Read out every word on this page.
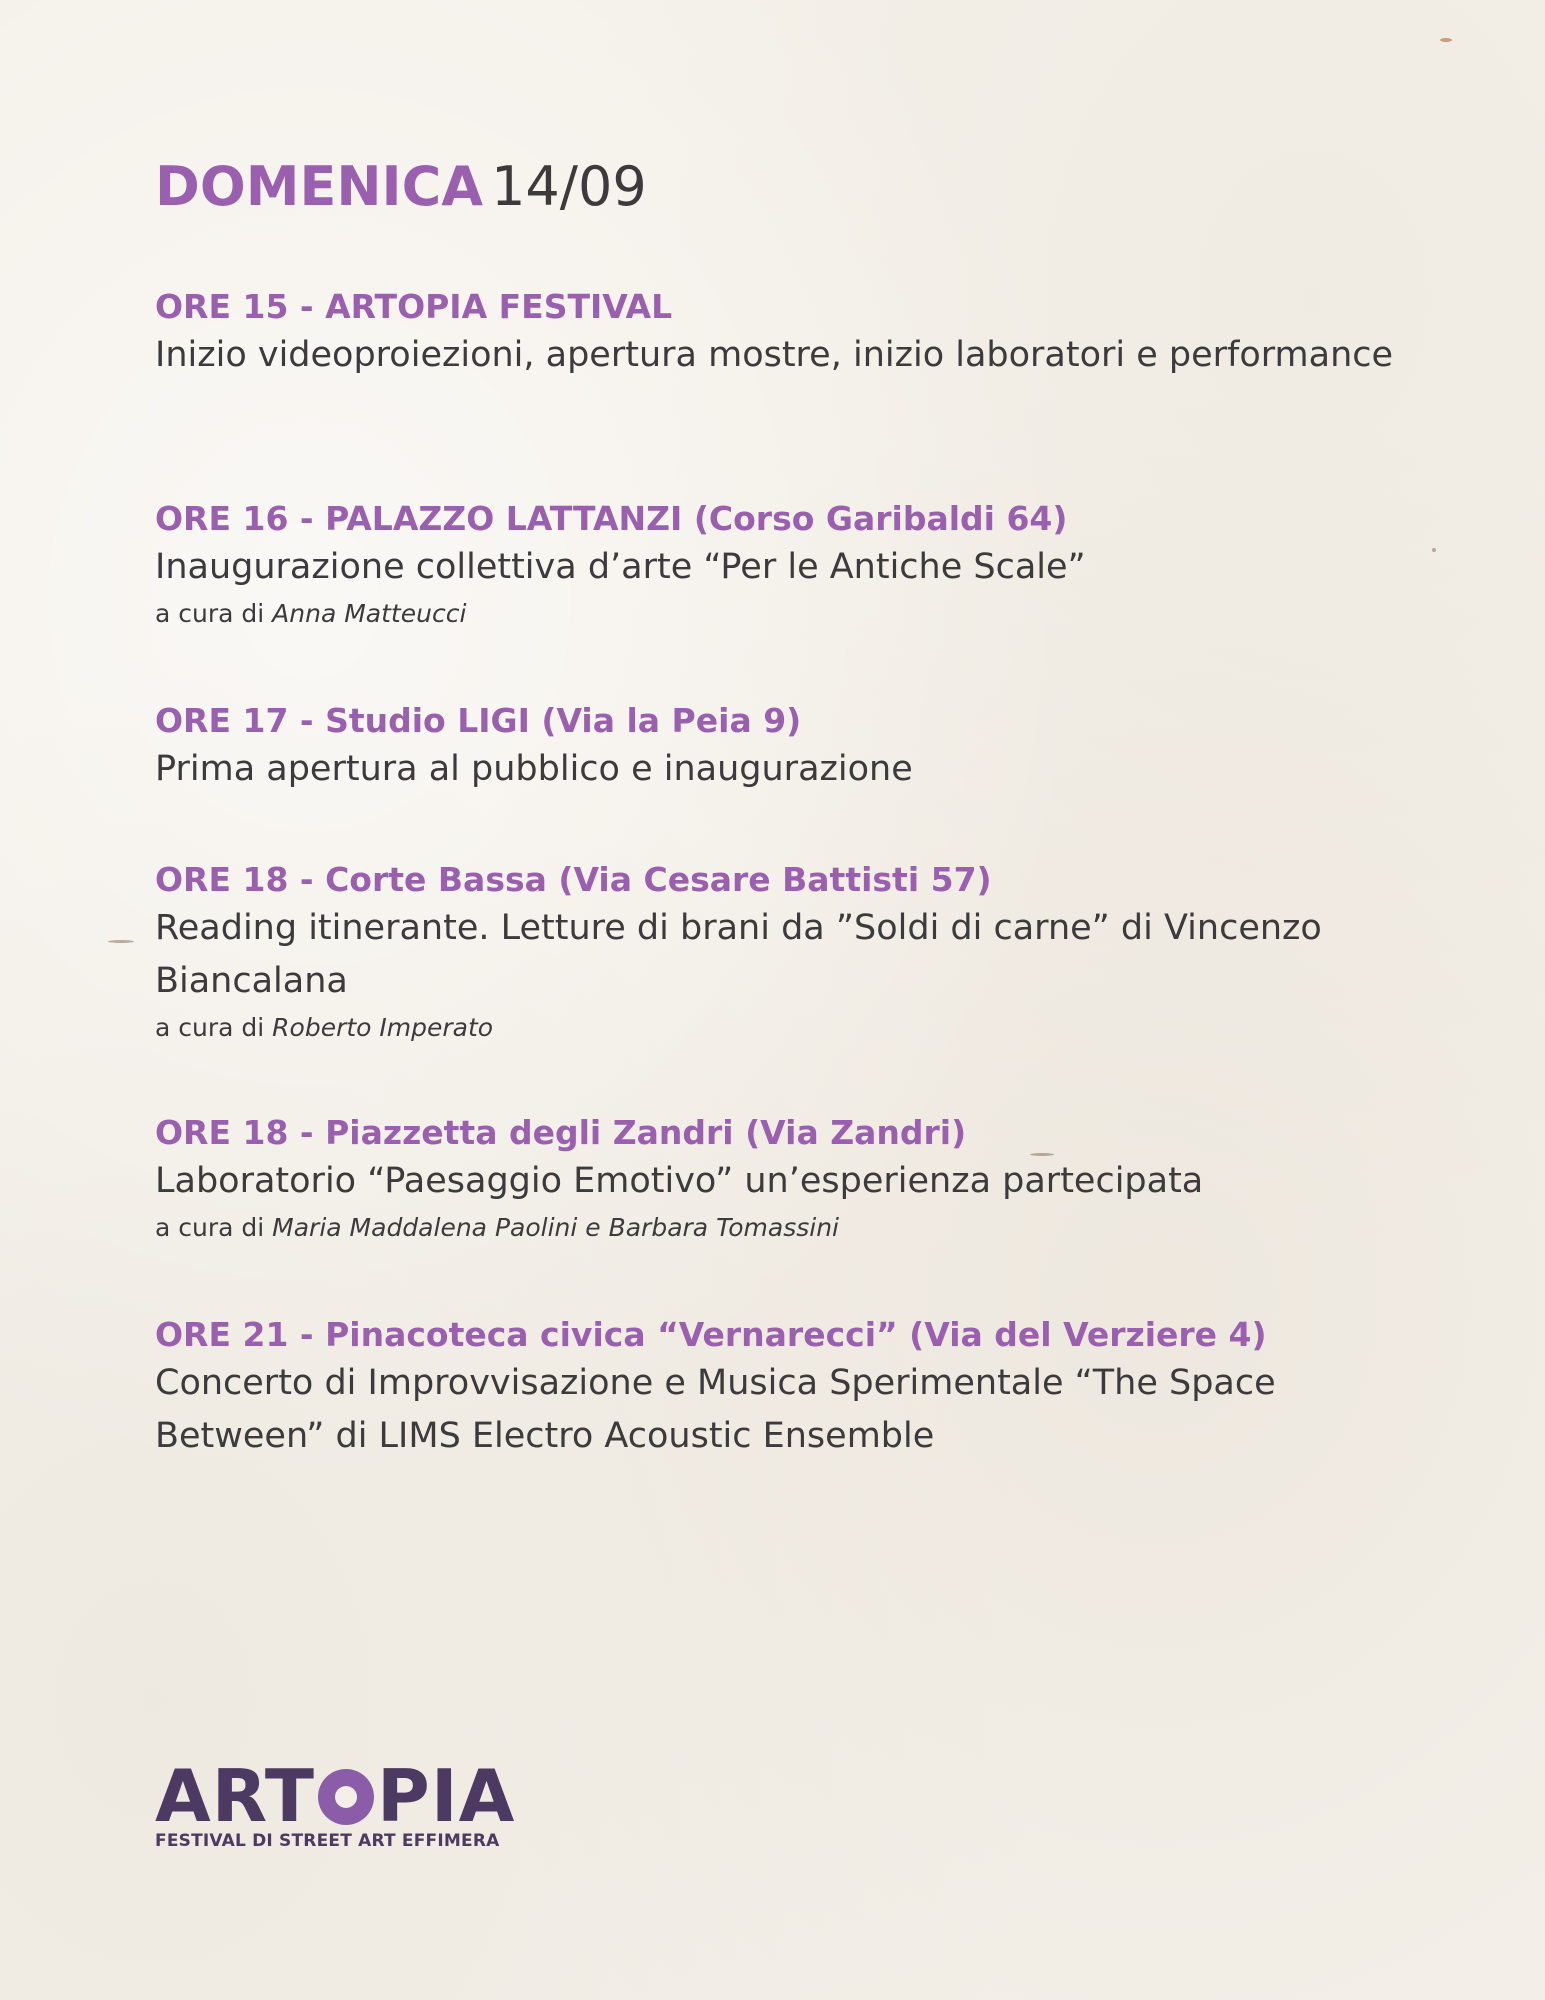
DOMENICA 14/09
ORE 15 - ARTOPIA FESTIVAL
Inizio videoproiezioni, apertura mostre, inizio laboratori e performance
ORE 16 - PALAZZO LATTANZI (Corso Garibaldi 64)
Inaugurazione collettiva d’arte “Per le Antiche Scale”
a cura di Anna Matteucci
ORE 17 - Studio LIGI (Via la Peia 9)
Prima apertura al pubblico e inaugurazione
ORE 18 - Corte Bassa (Via Cesare Battisti 57)
Reading itinerante. Letture di brani da ”Soldi di carne” di Vincenzo Biancalana
a cura di Roberto Imperato
ORE 18 - Piazzetta degli Zandri (Via Zandri)
Laboratorio “Paesaggio Emotivo” un’esperienza partecipata
a cura di Maria Maddalena Paolini e Barbara Tomassini
ORE 21 - Pinacoteca civica “Vernarecci” (Via del Verziere 4)
Concerto di Improvvisazione e Musica Sperimentale “The Space Between” di LIMS Electro Acoustic Ensemble
ART PIA
FESTIVAL DI STREET ART EFFIMERA
